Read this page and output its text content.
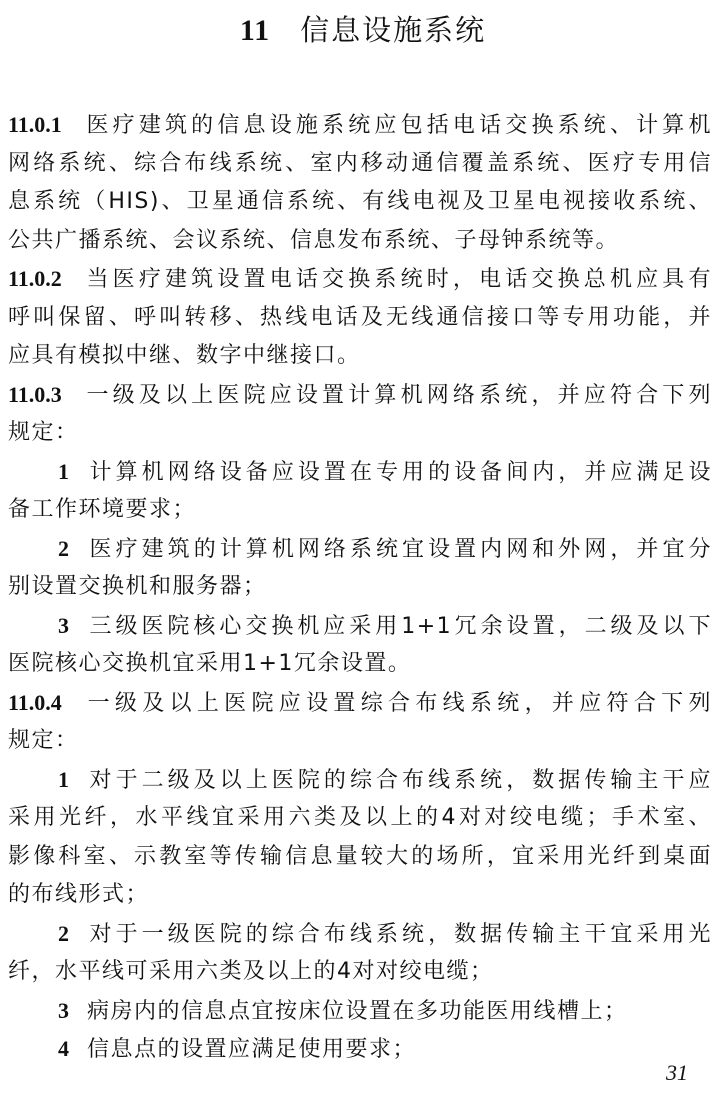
11 信息设施系统
11.0.1 医疗建筑的信息设施系统应包括电话交换系统、计算机
网络系统、综合布线系统、室内移动通信覆盖系统、医疗专用信
息系统（HIS)、卫星通信系统、有线电视及卫星电视接收系统、
公共广播系统、会议系统、信息发布系统、子母钟系统等。
11.0.2 当医疗建筑设置电话交换系统时，电话交换总机应具有
呼叫保留、呼叫转移、热线电话及无线通信接口等专用功能，并
应具有模拟中继、数字中继接口。
11.0.3 一级及以上医院应设置计算机网络系统，并应符合下列
规定：
1 计算机网络设备应设置在专用的设备间内，并应满足设
备工作环境要求；
2 医疗建筑的计算机网络系统宜设置内网和外网，并宜分
别设置交换机和服务器；
3 三级医院核心交换机应采用1+1冗余设置，二级及以下
医院核心交换机宜采用1+1冗余设置。
11.0.4 一级及以上医院应设置综合布线系统，并应符合下列
规定：
1 对于二级及以上医院的综合布线系统，数据传输主干应
采用光纤，水平线宜采用六类及以上的4对对绞电缆；手术室、
影像科室、示教室等传输信息量较大的场所，宜采用光纤到桌面
的布线形式；
2 对于一级医院的综合布线系统，数据传输主干宜采用光
纤，水平线可采用六类及以上的4对对绞电缆；
3 病房内的信息点宜按床位设置在多功能医用线槽上；
4 信息点的设置应满足使用要求；
31
